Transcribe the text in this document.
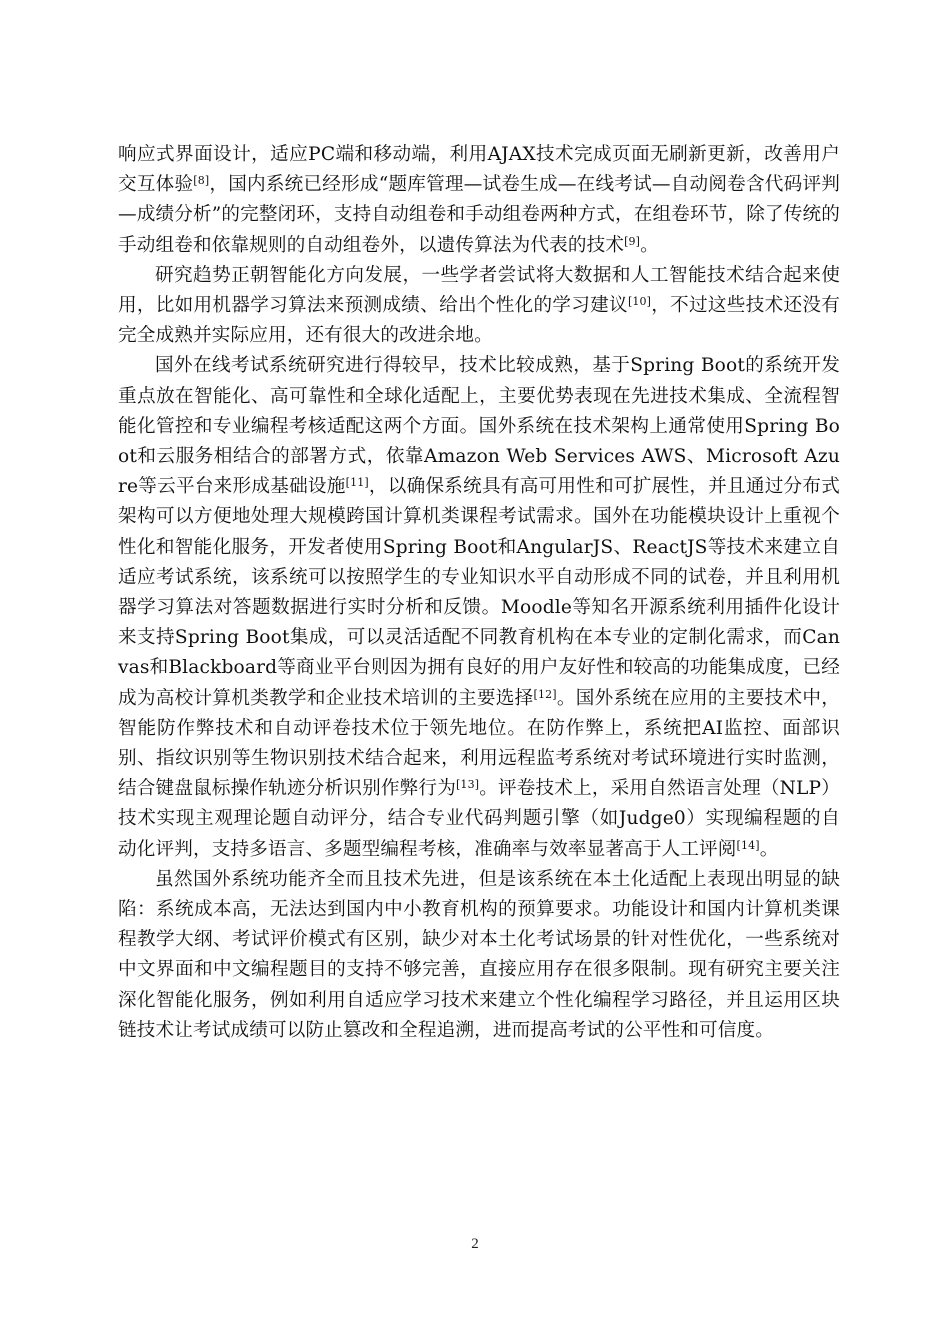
响应式界面设计，适应PC端和移动端，利用AJAX技术完成页面无刷新更新，改善用户交互体验[8]，国内系统已经形成“题库管理—试卷生成—在线考试—自动阅卷含代码评判—成绩分析”的完整闭环，支持自动组卷和手动组卷两种方式，在组卷环节，除了传统的手动组卷和依靠规则的自动组卷外，以遗传算法为代表的技术[9]。

研究趋势正朝智能化方向发展，一些学者尝试将大数据和人工智能技术结合起来使用，比如用机器学习算法来预测成绩、给出个性化的学习建议[10]，不过这些技术还没有完全成熟并实际应用，还有很大的改进余地。

国外在线考试系统研究进行得较早，技术比较成熟，基于Spring Boot的系统开发重点放在智能化、高可靠性和全球化适配上，主要优势表现在先进技术集成、全流程智能化管控和专业编程考核适配这两个方面。国外系统在技术架构上通常使用Spring Boot和云服务相结合的部署方式，依靠Amazon Web Services AWS、Microsoft Azure等云平台来形成基础设施[11]，以确保系统具有高可用性和可扩展性，并且通过分布式架构可以方便地处理大规模跨国计算机类课程考试需求。国外在功能模块设计上重视个性化和智能化服务，开发者使用Spring Boot和AngularJS、ReactJS等技术来建立自适应考试系统，该系统可以按照学生的专业知识水平自动形成不同的试卷，并且利用机器学习算法对答题数据进行实时分析和反馈。Moodle等知名开源系统利用插件化设计来支持Spring Boot集成，可以灵活适配不同教育机构在本专业的定制化需求，而Canvas和Blackboard等商业平台则因为拥有良好的用户友好性和较高的功能集成度，已经成为高校计算机类教学和企业技术培训的主要选择[12]。国外系统在应用的主要技术中，智能防作弊技术和自动评卷技术位于领先地位。在防作弊上，系统把AI监控、面部识别、指纹识别等生物识别技术结合起来，利用远程监考系统对考试环境进行实时监测，结合键盘鼠标操作轨迹分析识别作弊行为[13]。评卷技术上，采用自然语言处理（NLP）技术实现主观理论题自动评分，结合专业代码判题引擎（如Judge0）实现编程题的自动化评判，支持多语言、多题型编程考核，准确率与效率显著高于人工评阅[14]。

虽然国外系统功能齐全而且技术先进，但是该系统在本土化适配上表现出明显的缺陷：系统成本高，无法达到国内中小教育机构的预算要求。功能设计和国内计算机类课程教学大纲、考试评价模式有区别，缺少对本土化考试场景的针对性优化，一些系统对中文界面和中文编程题目的支持不够完善，直接应用存在很多限制。现有研究主要关注深化智能化服务，例如利用自适应学习技术来建立个性化编程学习路径，并且运用区块链技术让考试成绩可以防止篡改和全程追溯，进而提高考试的公平性和可信度。

2
